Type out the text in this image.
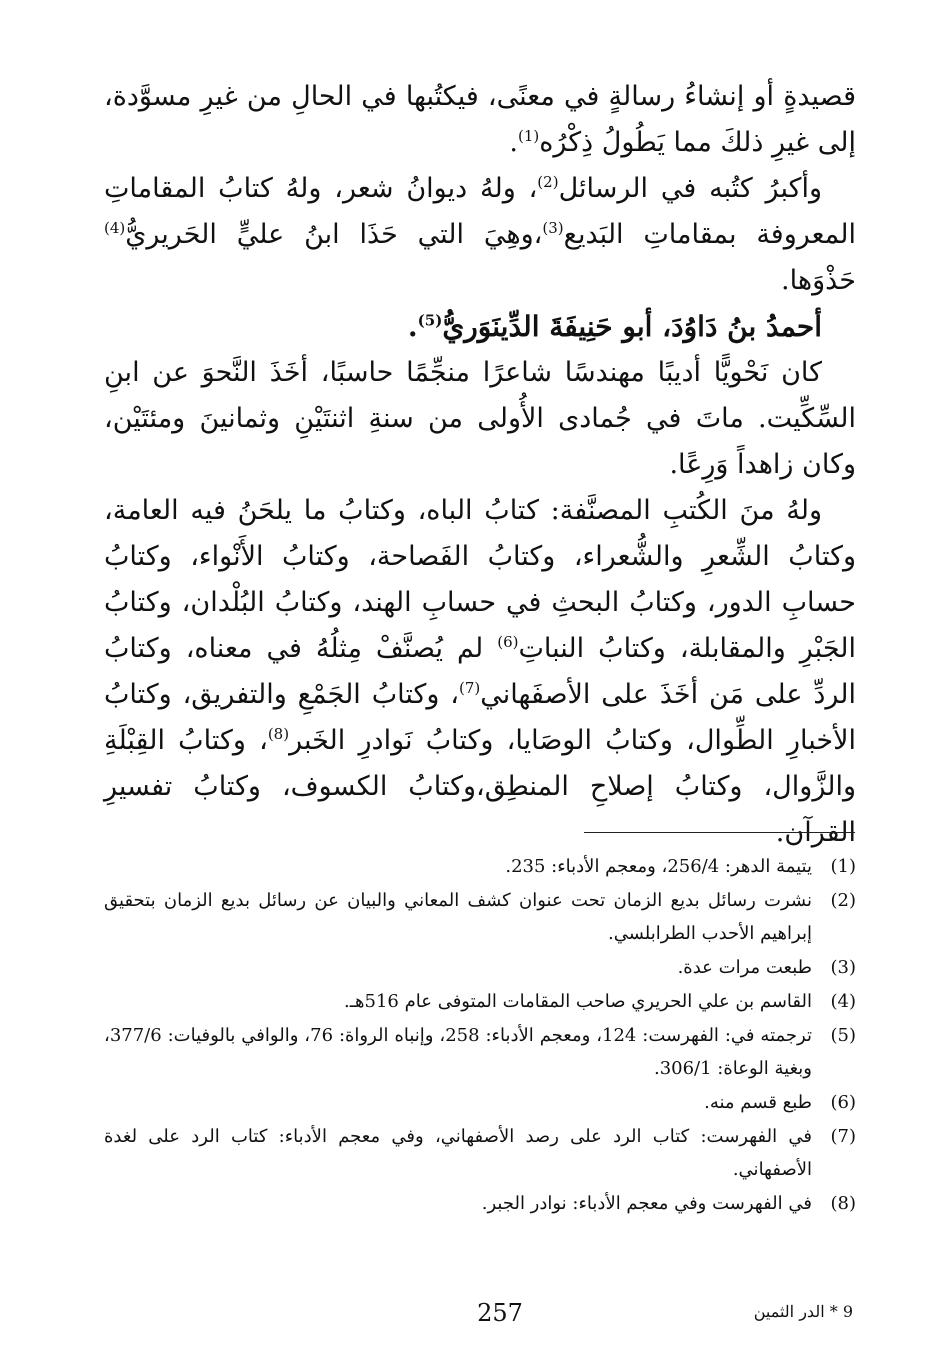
قصيدةٍ أو إنشاءُ رسالةٍ في معنًى، فيكتُبها في الحالِ من غيرِ مسوَّدة، إلى غيرِ ذلكَ مما يَطُولُ ذِكْرُه$^{(1)}$.

وأكبرُ كتُبه في الرسائل$^{(2)}$، ولهُ ديوانُ شعر، ولهُ كتابُ المقاماتِ المعروفة بمقاماتِ البَديع$^{(3)}$،وهِيَ التي حَذَا ابنُ عليٍّ الحَريريُّ$^{(4)}$ حَذْوَها.

أحمدُ بنُ دَاوُدَ، أبو حَنِيفَةَ الدِّينَوَريُّ$^{(5)}$.

كان نَحْويًّا أديبًا مهندسًا شاعرًا منجِّمًا حاسبًا، أخَذَ النَّحوَ عن ابنِ السِّكِّيت. ماتَ في جُمادى الأُولى من سنةِ اثنتَيْنِ وثمانينَ ومئتَيْن، وكان زاهداً وَرِعًا.

ولهُ منَ الكُتبِ المصنَّفة: كتابُ الباه، وكتابُ ما يلحَنُ فيه العامة، وكتابُ الشِّعرِ والشُّعراء، وكتابُ الفَصاحة، وكتابُ الأَنْواء، وكتابُ حسابِ الدور، وكتابُ البحثِ في حسابِ الهند، وكتابُ البُلْدان، وكتابُ الجَبْرِ والمقابلة، وكتابُ النباتِ$^{(6)}$ لم يُصنَّفْ مِثلُهُ في معناه، وكتابُ الردِّ على مَن أخَذَ على الأصفَهاني$^{(7)}$، وكتابُ الجَمْعِ والتفريق، وكتابُ الأخبارِ الطِّوال، وكتابُ الوصَايا، وكتابُ نَوادرِ الخَبر$^{(8)}$، وكتابُ القِبْلَةِ والزَّوال، وكتابُ إصلاحِ المنطِق،وكتابُ الكسوف، وكتابُ تفسيرِ القرآن.

(1)
يتيمة الدهر: 256/4، ومعجم الأدباء: 235.
(2)
نشرت رسائل بديع الزمان تحت عنوان كشف المعاني والبيان عن رسائل بديع الزمان بتحقيق إبراهيم الأحدب الطرابلسي.
(3)
طبعت مرات عدة.
(4)
القاسم بن علي الحريري صاحب المقامات المتوفى عام 516هـ.
(5)
ترجمته في: الفهرست: 124، ومعجم الأدباء: 258، وإنباه الرواة: 76، والوافي بالوفيات: 377/6، وبغية الوعاة: 306/1.
(6)
طبع قسم منه.
(7)
في الفهرست: كتاب الرد على رصد الأصفهاني، وفي معجم الأدباء: كتاب الرد على لغدة الأصفهاني.
(8)
في الفهرست وفي معجم الأدباء: نوادر الجبر.
257	9 * الدر الثمين
